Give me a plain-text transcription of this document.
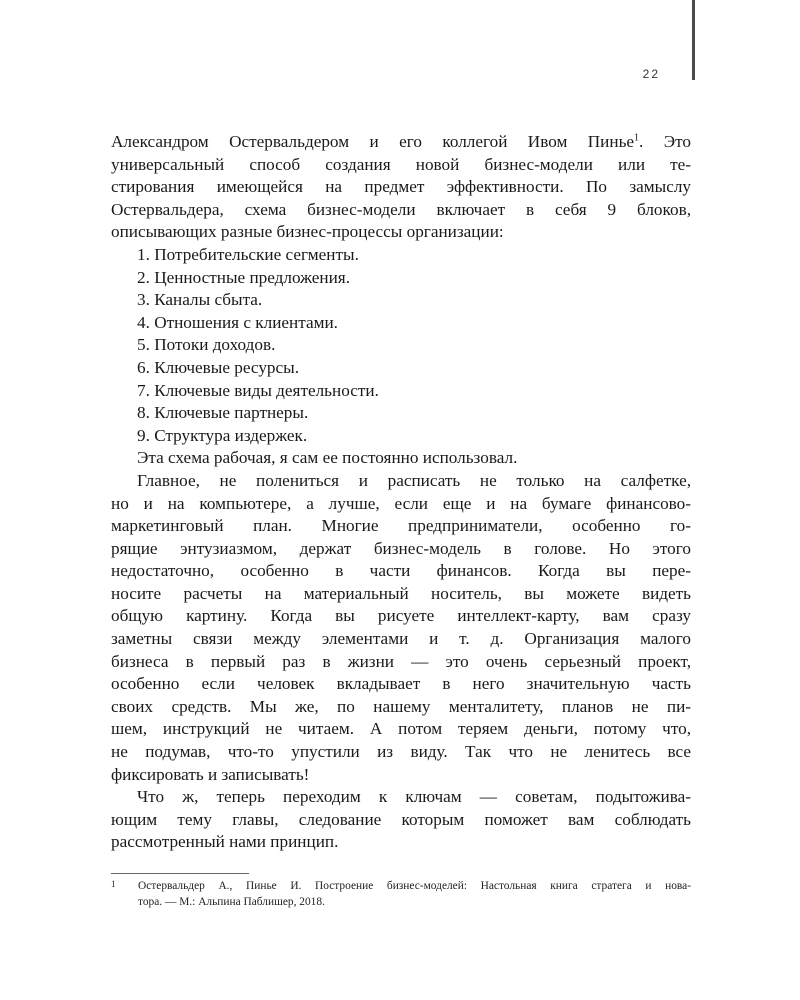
22

Александром Остервальдером и его коллегой Ивом Пинье$^1$. Это

универсальный способ создания новой бизнес-модели или те-

стирования имеющейся на предмет эффективности. По замыслу

Остервальдера, схема бизнес-модели включает в себя 9 блоков,

описывающих разные бизнес-процессы организации:

1. Потребительские сегменты.
2. Ценностные предложения.
3. Каналы сбыта.
4. Отношения с клиентами.
5. Потоки доходов.
6. Ключевые ресурсы.
7. Ключевые виды деятельности.
8. Ключевые партнеры.
9. Структура издержек.

Эта схема рабочая, я сам ее постоянно использовал.

Главное, не полениться и расписать не только на салфетке,

но и на компьютере, а лучше, если еще и на бумаге финансово-

маркетинговый план. Многие предприниматели, особенно го-

рящие энтузиазмом, держат бизнес-модель в голове. Но этого

недостаточно, особенно в части финансов. Когда вы пере-

носите расчеты на материальный носитель, вы можете видеть

общую картину. Когда вы рисуете интеллект-карту, вам сразу

заметны связи между элементами и т. д. Организация малого

бизнеса в первый раз в жизни — это очень серьезный проект,

особенно если человек вкладывает в него значительную часть

своих средств. Мы же, по нашему менталитету, планов не пи-

шем, инструкций не читаем. А потом теряем деньги, потому что,

не подумав, что-то упустили из виду. Так что не ленитесь все

фиксировать и записывать!

Что ж, теперь переходим к ключам — советам, подытожива-

ющим тему главы, следование которым поможет вам соблюдать

рассмотренный нами принцип.

1 Остервальдер А., Пинье И. Построение бизнес-моделей: Настольная книга стратега и нова-
тора. — М.: Альпина Паблишер, 2018.
